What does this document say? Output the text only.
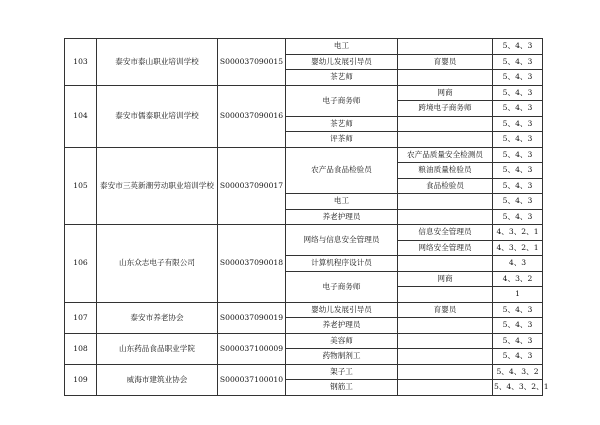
103	泰安市泰山职业培训学校	S000037090015	电工		5、4、3
			婴幼儿发展引导员	育婴员	5、4、3
			茶艺师		5、4、3
104	泰安市儒泰职业培训学校	S000037090016	电子商务师	网商	5、4、3
				跨境电子商务师	5、4、3
			茶艺师		5、4、3
			评茶师		5、4、3
105	泰安市三英新潮劳动职业培训学校	S000037090017	农产品食品检验员	农产品质量安全检测员	5、4、3
				粮油质量检验员	5、4、3
				食品检验员	5、4、3
			电工		5、4、3
			养老护理员		5、4、3
106	山东众志电子有限公司	S000037090018	网络与信息安全管理员	信息安全管理员	4、3、2、1
				网络安全管理员	4、3、2、1
			计算机程序设计员		4、3
			电子商务师	网商	4、3、2
					1
107	泰安市养老协会	S000037090019	婴幼儿发展引导员	育婴员	5、4、3
			养老护理员		5、4、3
108	山东药品食品职业学院	S000037100009	美容师		5、4、3
			药物制剂工		5、4、3
109	威海市建筑业协会	S000037100010	架子工		5、4、3、2
			钢筋工		5、4、3、2、1
